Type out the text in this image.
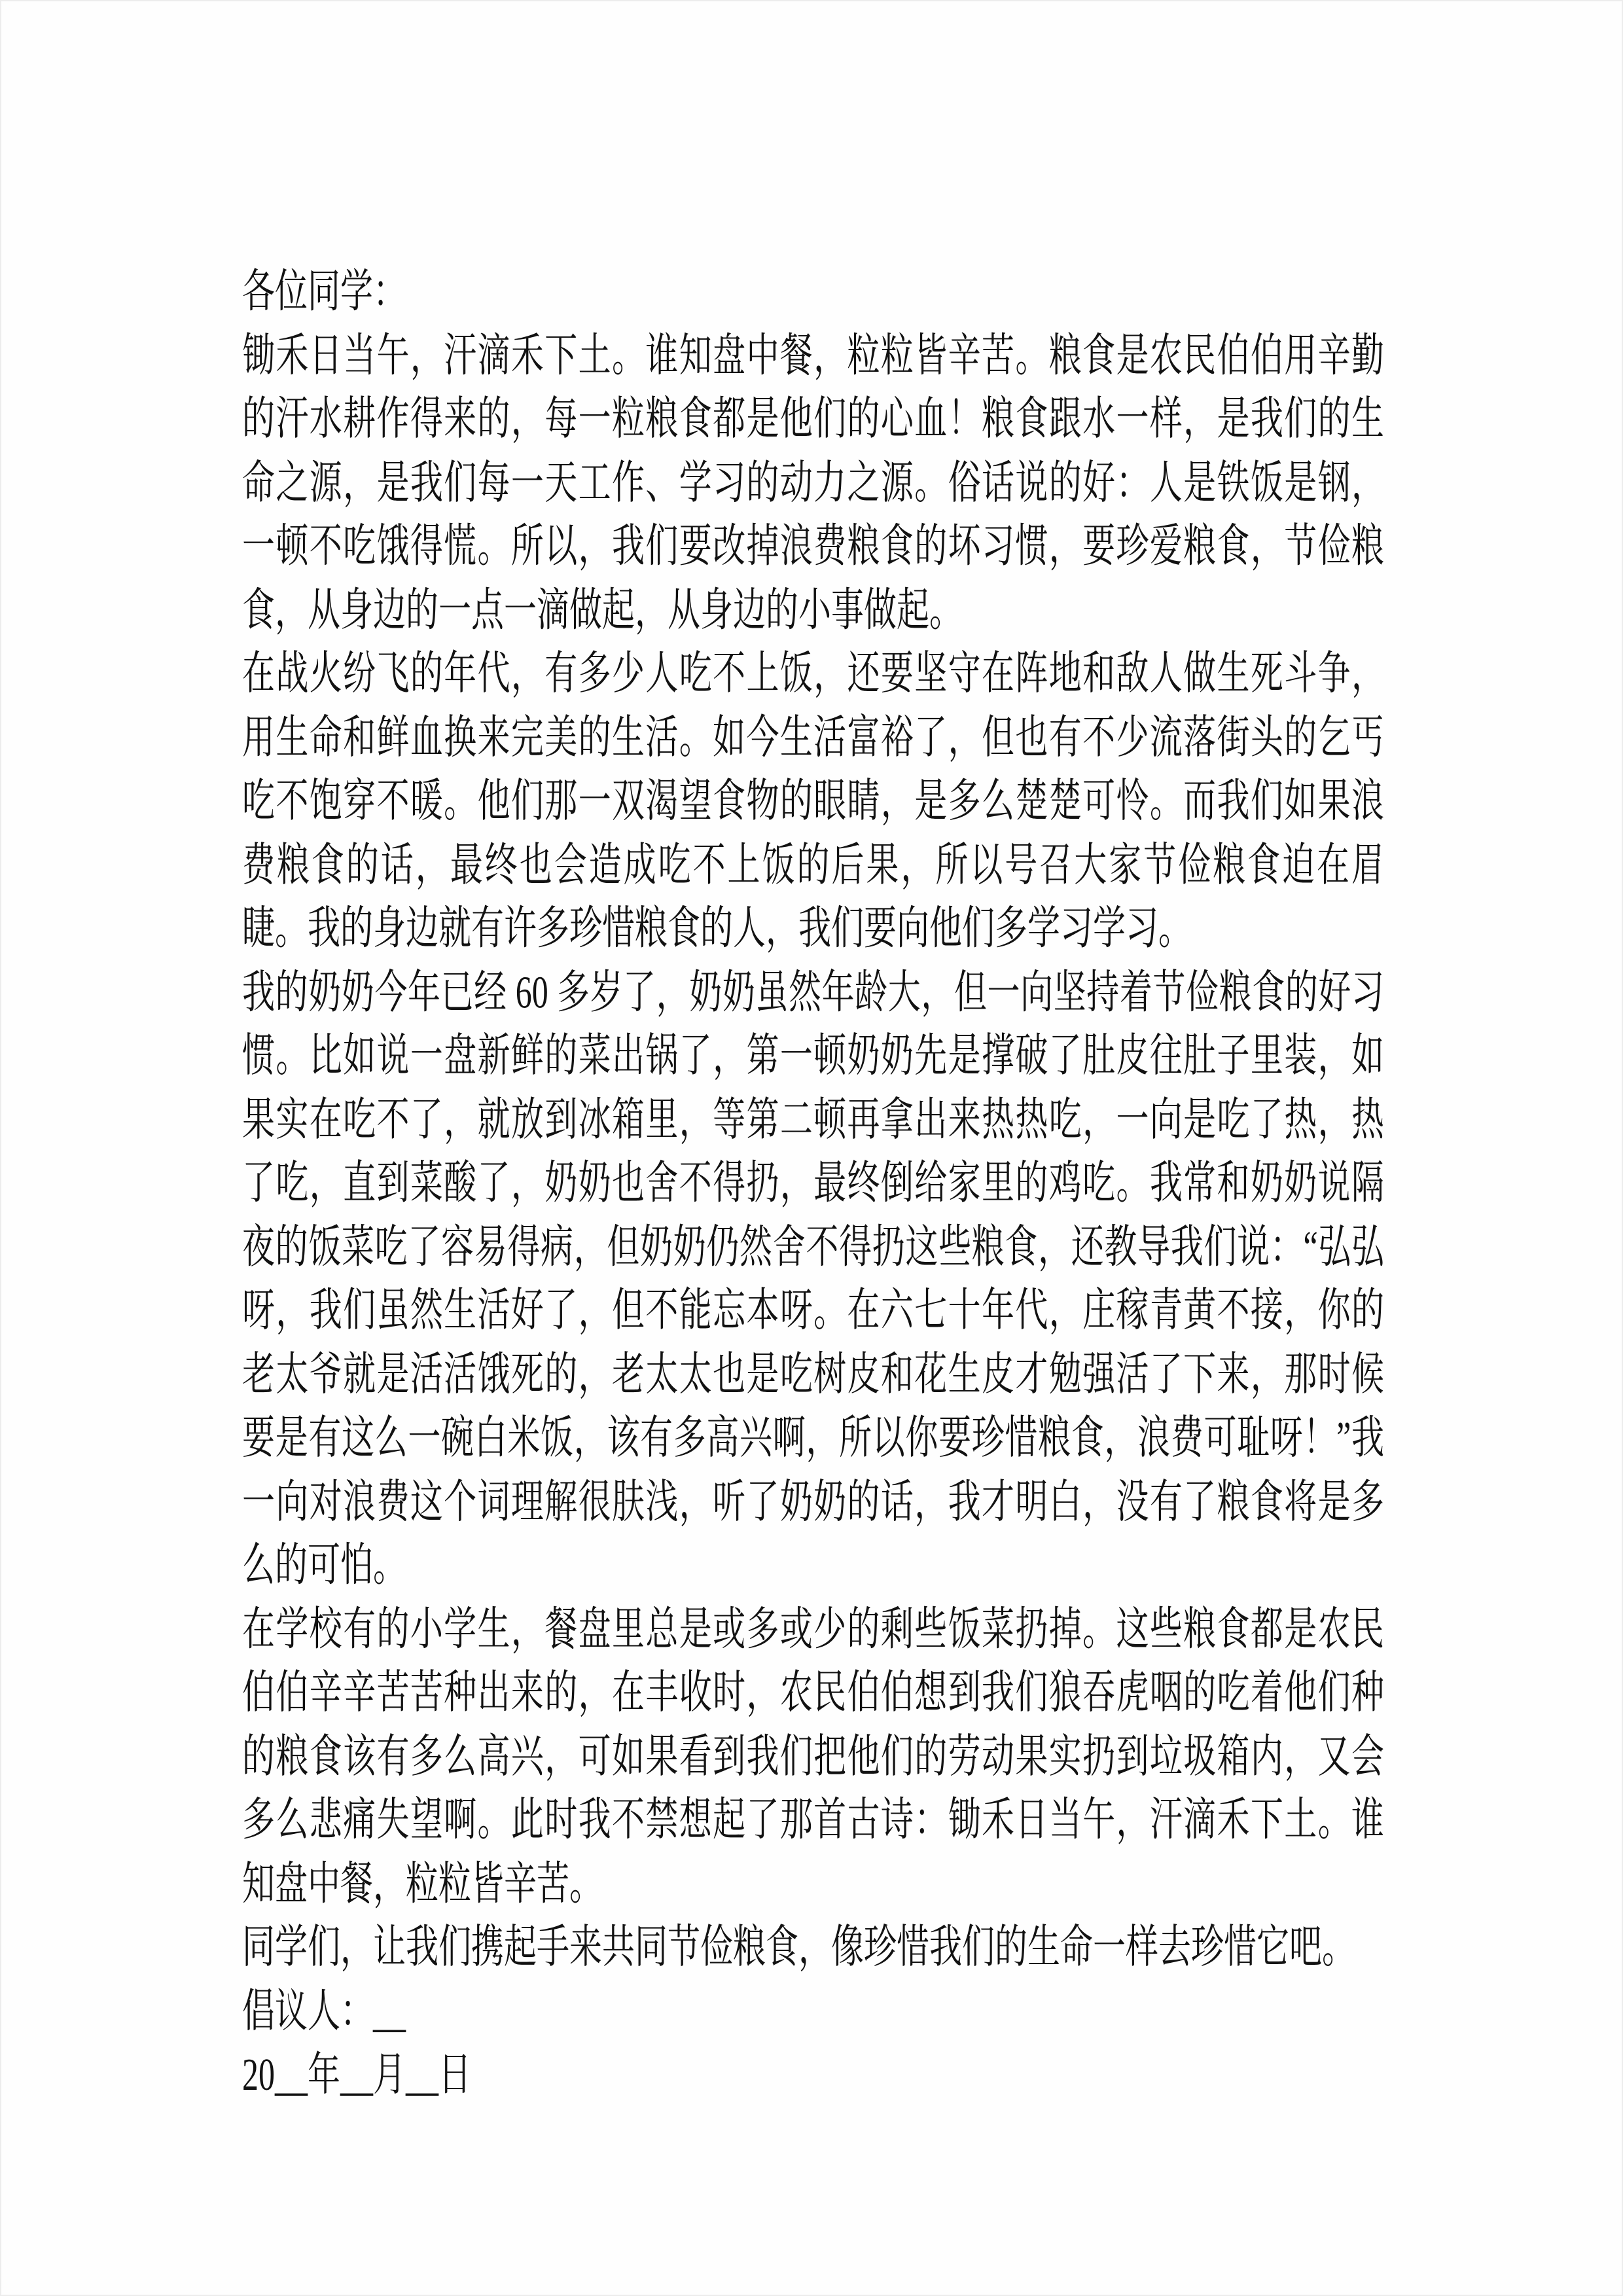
各位同学：

锄禾日当午，汗滴禾下土。谁知盘中餐，粒粒皆辛苦。粮食是农民伯伯用辛勤的汗水耕作得来的，每一粒粮食都是他们的心血！粮食跟水一样，是我们的生命之源，是我们每一天工作、学习的动力之源。俗话说的好：人是铁饭是钢，一顿不吃饿得慌。所以，我们要改掉浪费粮食的坏习惯，要珍爱粮食，节俭粮食，从身边的一点一滴做起，从身边的小事做起。

在战火纷飞的年代，有多少人吃不上饭，还要坚守在阵地和敌人做生死斗争，用生命和鲜血换来完美的生活。如今生活富裕了，但也有不少流落街头的乞丐吃不饱穿不暖。他们那一双渴望食物的眼睛，是多么楚楚可怜。而我们如果浪费粮食的话，最终也会造成吃不上饭的后果，所以号召大家节俭粮食迫在眉睫。我的身边就有许多珍惜粮食的人，我们要向他们多学习学习。

我的奶奶今年已经 60 多岁了，奶奶虽然年龄大，但一向坚持着节俭粮食的好习惯。比如说一盘新鲜的菜出锅了，第一顿奶奶先是撑破了肚皮往肚子里装，如果实在吃不了，就放到冰箱里，等第二顿再拿出来热热吃，一向是吃了热，热了吃，直到菜酸了，奶奶也舍不得扔，最终倒给家里的鸡吃。我常和奶奶说隔夜的饭菜吃了容易得病，但奶奶仍然舍不得扔这些粮食，还教导我们说：“弘弘呀，我们虽然生活好了，但不能忘本呀。在六七十年代，庄稼青黄不接，你的老太爷就是活活饿死的，老太太也是吃树皮和花生皮才勉强活了下来，那时候要是有这么一碗白米饭，该有多高兴啊，所以你要珍惜粮食，浪费可耻呀！”我一向对浪费这个词理解很肤浅，听了奶奶的话，我才明白，没有了粮食将是多么的可怕。

在学校有的小学生，餐盘里总是或多或少的剩些饭菜扔掉。这些粮食都是农民伯伯辛辛苦苦种出来的，在丰收时，农民伯伯想到我们狼吞虎咽的吃着他们种的粮食该有多么高兴，可如果看到我们把他们的劳动果实扔到垃圾箱内，又会多么悲痛失望啊。此时我不禁想起了那首古诗：锄禾日当午，汗滴禾下土。谁知盘中餐，粒粒皆辛苦。

同学们，让我们携起手来共同节俭粮食，像珍惜我们的生命一样去珍惜它吧。

倡议人：__

20__年__月__日
